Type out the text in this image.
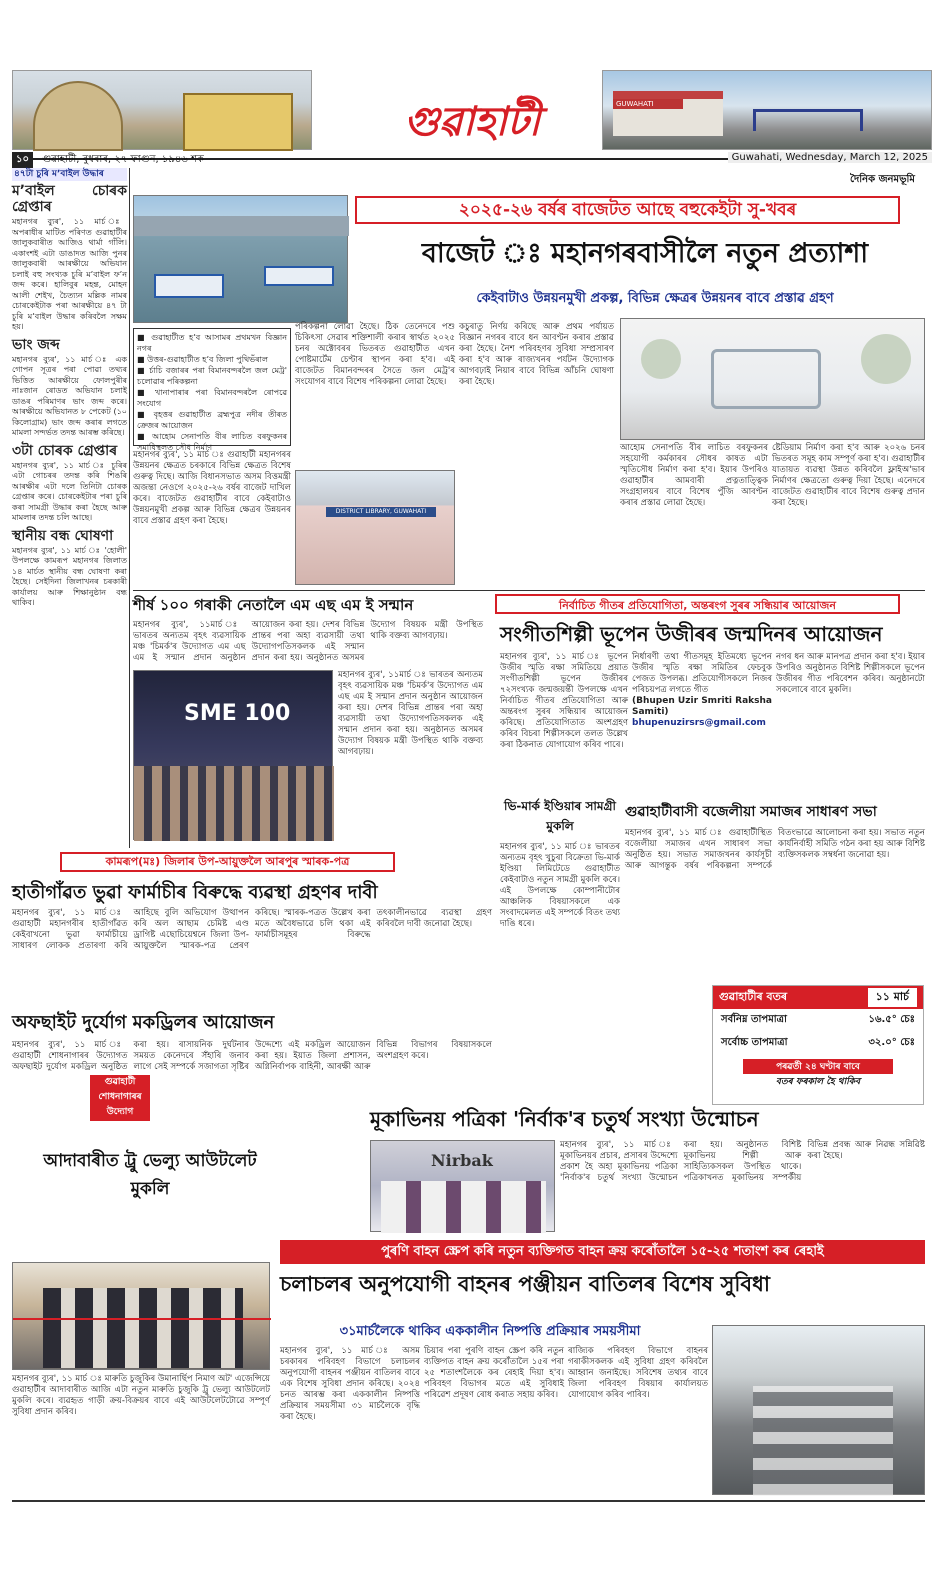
গুৱাহাটী	GUWAHATI
১০ গুৱাহাটী, বুধবাৰ, ২৭ ফাগুন, ১৯৪৬ শক	Guwahati, Wednesday, March 12, 2025
দৈনিক জনমভূমি
৪৭টা চুৰি মʼবাইল উদ্ধাৰ
মʼবাইল চোৰক গ্ৰেপ্তাৰ

মহানগৰ ব্যুৰ', ১১ মাৰ্চ ঃ অপৰাধীৰ মাটিত পৰিণত গুৱাহাটীৰ জালুকবাৰীত আজিও থাৰ্মা গাঁলি। একাংশই এটা ডাঙাদত আজি পুনৰ জালুকবাৰী আৰক্ষীয়ে অভিযান চলাই বহু সংখ্যক চুৰি মʼবাইল ফʼন জব্দ কৰে। হালিবুৰ মহন্ত, মোহন আলী শেইখ, চৈত্য্যন মল্লিক নামৰ চোৰকেইটাক পৰা আৰক্ষীয়ে ৪৭ টা চুৰি মʼবাইল উদ্ধাৰ কৰিবলৈ সক্ষম হয়।

ভাং জব্দ

মহানগৰ ব্যুৰ', ১১ মাৰ্চ ঃ এক গোপন সূত্ৰৰ পৰা পোৱা তথ্যৰ ভিত্তিত আৰক্ষীয়ে ফোলপুৰীৰ নাঃজান ৰোডত অভিযান চলাই ডাঙৰ পৰিমাণৰ ভাং জব্দ কৰে। আৰক্ষীয়ে অভিযানত ৮ পেকেট (১০ কিলোগ্ৰাম) ভাং জব্দ কৰাৰ লগতে মামলা সন্দৰ্ভত তদন্ত আৰম্ভ কৰিছে।

৩টা চোৰক গ্ৰেপ্তাৰ

মহানগৰ ব্যুৰ', ১১ মাৰ্চ ঃ চুৰিৰ এটা গোচৰৰ তদন্ত কৰি শিঙৰি আৰক্ষীৰ এটা দলে তিনিটা চোৰক গ্ৰেপ্তাৰ কৰে। চোৰকেইটাৰ পৰা চুৰি কৰা সামগ্ৰী উদ্ধাৰ কৰা হৈছে আৰু মামলাৰ তদন্ত চলি আছে।

স্থানীয় বন্ধ ঘোষণা

মহানগৰ ব্যুৰ', ১১ মাৰ্চ ঃ 'হোলী' উপলক্ষে কামৰূপ মহানগৰ জিলাত ১৪ মাৰ্চত স্থানীয় বন্ধ ঘোষণা কৰা হৈছে। সেইদিনা জিলাখনৰ চৰকাৰী কাৰ্যালয় আৰু শিক্ষানুষ্ঠান বন্ধ থাকিব।

২০২৫-২৬ বৰ্ষৰ বাজেটত আছে বহুকেইটা সু-খবৰ
বাজেট ঃ মহানগৰবাসীলৈ নতুন প্ৰত্যাশা
কেইবাটাও উন্নয়নমুখী প্ৰকল্প, বিভিন্ন ক্ষেত্ৰৰ উন্নয়নৰ বাবে প্ৰস্তাৱ গ্ৰহণ
■ গুৱাহাটীত হʼব আসামৰ প্ৰথমখন বিজ্ঞান নগৰ
■ উত্তৰ-গুৱাহাটীত হʼব জিলা পুথিভঁৰাল
■ ৰ্চাচি বজাৰৰ পৰা বিমানবন্দৰলৈ জল মেট্ৰ' চলোৱাৰ পৰিকল্পনা
■ খানাপাৰাৰ পৰা বিমানবন্দৰলৈ ৰোপৱে সংযোগ
■ বৃহত্তৰ গুৱাহাটীত ব্ৰহ্মপুত্ৰ নদীৰ তীৰত ক্ৰেজৰ আয়োজন
■ আহোম সেনাপতি বীৰ লাচিত বৰফুকনৰ সমাধিস্থলত সৌধ নিৰ্মাণ
মহানগৰ ব্যুৰ', ১১ মাৰ্চ ঃ গুৱাহাটী মহানগৰৰ উন্নয়নৰ ক্ষেত্ৰত চৰকাৰে বিভিন্ন ক্ষেত্ৰত বিশেষ গুৰুত্ব দিছে। আজি বিধানসভাত অসম বিত্তমন্ত্ৰী অজন্তা নেওগে ২০২৫-২৬ বৰ্ষৰ বাজেট দাখিল কৰে। বাজেটত গুৱাহাটীৰ বাবে কেইবাটাও উন্নয়নমুখী প্ৰকল্প আৰু বিভিন্ন ক্ষেত্ৰৰ উন্নয়নৰ বাবে প্ৰস্তাৱ গ্ৰহণ কৰা হৈছে।
পৰিকল্পনা লোৱা হৈছে। ঠিক তেনেদৰে পশু চিকিৎসা সেৱাৰ শক্তিশালী কৰাৰ স্বাৰ্থত ২০২৫ চনৰ অক্টোবৰৰ ভিতৰত গুৱাহাটীত এখন পোষ্টমাৰ্টেম চেণ্টাৰ স্থাপন কৰা হ'ব। এই বাজেটত বিমানবন্দৰৰ সৈতে জল মেট্ৰ'ৰ সংযোগৰ বাবে বিশেষ পৰিকল্পনা লোৱা হৈছে।
কচুৰাতু নিৰ্ণয় কৰিছে আৰু প্ৰথম পৰ্যায়ত বিজ্ঞান নগৰৰ বাবে ধন আবণ্টন কৰাৰ প্ৰস্তাৱ কৰা হৈছে। নৈশ পৰিবহণৰ সুবিধা সম্প্ৰসাৰণ কৰা হ'ব আৰু ৰাজ্যখনৰ পৰ্যটন উদ্যোগক আগবঢ়াই নিয়াৰ বাবে বিভিন্ন আঁচনি ঘোষণা কৰা হৈছে।
DISTRICT LIBRARY, GUWAHATI
আহোম সেনাপতি বীৰ লাচিত বৰফুকনৰ সহযোগী কৰ্মকাৰৰ সৌধৰ কাষত এটা স্মৃতিসৌধ নিৰ্মাণ কৰা হ'ব। ইয়াৰ উপৰিও গুৱাহাটীৰ আমবাৰী প্ৰত্নতাত্ত্বিক সংগ্ৰহালয়ৰ বাবে বিশেষ পুঁজি আবণ্টন কৰাৰ প্ৰস্তাৱ লোৱা হৈছে।
ষ্টেডিয়াম নিৰ্মাণ কৰা হ'ব আৰু ২০২৬ চনৰ ভিতৰত সমূহ কাম সম্পূৰ্ণ কৰা হ'ব। গুৱাহাটীৰ যাতায়ত ব্যৱস্থা উন্নত কৰিবলৈ ফ্লাইঅ'ভাৰ নিৰ্মাণৰ ক্ষেত্ৰতো গুৰুত্ব দিয়া হৈছে। এনেদৰে বাজেটত গুৱাহাটীৰ বাবে বিশেষ গুৰুত্ব প্ৰদান কৰা হৈছে।
শীৰ্ষ ১০০ গৰাকী নেতালৈ এম এছ এম ই সন্মান
মহানগৰ ব্যুৰ', ১১মাৰ্চ ঃ ভাৰতৰ অন্যতম বৃহৎ ব্যৱসায়িক মঞ্চ 'চিমৰ্ক'ৰ উদ্যোগত এম এছ এম ই সন্মান প্ৰদান অনুষ্ঠান আয়োজন কৰা হয়। দেশৰ বিভিন্ন প্ৰান্তৰ পৰা অহা ব্যৱসায়ী তথা উদ্যোগপতিসকলক এই সন্মান প্ৰদান কৰা হয়। অনুষ্ঠানত অসমৰ উদ্যোগ বিষয়ক মন্ত্ৰী উপস্থিত থাকি বক্তব্য আগবঢ়ায়।
SME 100
মহানগৰ ব্যুৰ', ১১মাৰ্চ ঃ ভাৰতৰ অন্যতম বৃহৎ ব্যৱসায়িক মঞ্চ 'চিমৰ্ক'ৰ উদ্যোগত এম এছ এম ই সন্মান প্ৰদান অনুষ্ঠান আয়োজন কৰা হয়। দেশৰ বিভিন্ন প্ৰান্তৰ পৰা অহা ব্যৱসায়ী তথা উদ্যোগপতিসকলক এই সন্মান প্ৰদান কৰা হয়। অনুষ্ঠানত অসমৰ উদ্যোগ বিষয়ক মন্ত্ৰী উপস্থিত থাকি বক্তব্য আগবঢ়ায়।
নিৰ্বাচিত গীতৰ প্ৰতিযোগিতা, অন্তৰংগ সুৰৰ সন্ধিয়াৰ আয়োজন
সংগীতশিল্পী ভূপেন উজীৰৰ জন্মদিনৰ আয়োজন
মহানগৰ ব্যুৰ', ১১ মাৰ্চ ঃ ভূপেন উজীৰ স্মৃতি ৰক্ষা সমিতিয়ে প্ৰয়াত সংগীতশিল্পী ভূপেন উজীৰৰ ৭২সংখ্যক জন্মজয়ন্তী উপলক্ষে এখন নিৰ্বাচিত গীতৰ প্ৰতিযোগিতা আৰু অন্তৰংগ সুৰৰ সন্ধিয়াৰ আয়োজন কৰিছে। প্ৰতিযোগিতাত অংশগ্ৰহণ কৰিব বিচৰা শিল্পীসকলে তলত উল্লেখ কৰা ঠিকনাত যোগাযোগ কৰিব পাৰে।
নিৰ্ধাৰণী তথা গীতসমূহ ইতিমধ্যে ভূপেন উজীৰ স্মৃতি ৰক্ষা সমিতিৰ ফেচবুক পেজত উপলব্ধ। প্ৰতিযোগীসকলে নিজৰ পৰিচয়পত্ৰ লগতে গীত
(Bhupen Uzir Smriti Raksha Samiti)
bhupenuzirsrs@gmail.com
নগৰ ধন আৰু মানপত্ৰ প্ৰদান কৰা হ'ব। ইয়াৰ উপৰিও অনুষ্ঠানত বিশিষ্ট শিল্পীসকলে ভূপেন উজীৰৰ গীত পৰিবেশন কৰিব। অনুষ্ঠানটো সকলোৰে বাবে মুকলি।
ভি-মাৰ্ক ইণ্ডিয়াৰ সামগ্ৰী মুকলি
মহানগৰ ব্যুৰ', ১১ মাৰ্চ ঃ ভাৰতৰ অন্যতম বৃহৎ খুচুৰা বিক্ৰেতা ভি-মাৰ্ক ইণ্ডিয়া লিমিটেডে গুৱাহাটীত কেইবাটাও নতুন সামগ্ৰী মুকলি কৰে। এই উপলক্ষে কোম্পানীটোৰ আঞ্চলিক বিষয়াসকলে এক সংবাদমেলত এই সম্পৰ্কে বিতং তথ্য দাঙি ধৰে।
গুৱাহাটীবাসী বজেলীয়া সমাজৰ সাধাৰণ সভা
মহানগৰ ব্যুৰ', ১১ মাৰ্চ ঃ গুৱাহাটীস্থিত বজেলীয়া সমাজৰ এখন সাধাৰণ সভা অনুষ্ঠিত হয়। সভাত সমাজখনৰ কাৰ্যসূচী আৰু আগন্তুক বৰ্ষৰ পৰিকল্পনা সম্পৰ্কে বিতংভাৱে আলোচনা কৰা হয়। সভাত নতুন কাৰ্যনিৰ্বাহী সমিতি গঠন কৰা হয় আৰু বিশিষ্ট ব্যক্তিসকলক সম্বৰ্ধনা জনোৱা হয়।
গুৱাহাটীৰ বতৰ	১১ মাৰ্চ
সৰ্বনিম্ন তাপমাত্ৰা	১৬.৫° চেঃ
সৰ্বোচ্চ তাপমাত্ৰা	৩২.০° চেঃ
পৰৱৰ্তী ২৪ ঘণ্টাৰ বাবে
বতৰ ফৰকাল হৈ থাকিব
কামৰূপ(মঃ) জিলাৰ উপ-আয়ুক্তলৈ আৰপুৰ স্মাৰক-পত্ৰ
হাতীগাঁৱত ভুৱা ফাৰ্মাচীৰ বিৰুদ্ধে ব্যৱস্থা গ্ৰহণৰ দাবী
মহানগৰ ব্যুৰ', ১১ মাৰ্চ ঃ গুৱাহাটী মহানগৰীৰ হাতীগাঁৱত কেইবাখনো ভুৱা ফাৰ্মাচীয়ে সাধাৰণ লোকক প্ৰতাৰণা কৰি আহিছে বুলি অভিযোগ উত্থাপন কৰি অল আছাম চেমিষ্ট এণ্ড ড্ৰাগিষ্ট এছোচিয়েশ্বনে জিলা উপ-আয়ুক্তলৈ স্মাৰক-পত্ৰ প্ৰেৰণ কৰিছে। স্মাৰক-পত্ৰত উল্লেখ কৰা মতে অবৈধভাৱে চলি থকা এই ফাৰ্মাচীসমূহৰ বিৰুদ্ধে তৎকালীনভাৱে ব্যৱস্থা গ্ৰহণ কৰিবলৈ দাবী জনোৱা হৈছে।
অফছাইট দুৰ্যোগ মকড্ৰিলৰ আয়োজন
গুৱাহাটী শোধনাগাৰৰ উদ্যোগ
মহানগৰ ব্যুৰ', ১১ মাৰ্চ ঃ গুৱাহাটী শোধনাগাৰৰ উদ্যোগত অফছাইট দুৰ্যোগ মকড্ৰিল অনুষ্ঠিত কৰা হয়। ৰাসায়নিক দুৰ্ঘটনাৰ সময়ত কেনেদৰে সঁহাৰি জনাব লাগে সেই সম্পৰ্কে সজাগতা সৃষ্টিৰ উদ্দেশ্যে এই মকড্ৰিল আয়োজন কৰা হয়। ইয়াত জিলা প্ৰশাসন, অগ্নিনিৰ্বাপক বাহিনী, আৰক্ষী আৰু বিভিন্ন বিভাগৰ বিষয়াসকলে অংশগ্ৰহণ কৰে।
আদাবাৰীত ট্ৰু ভেল্যু আউটলেট মুকলি
মহানগৰ ব্যুৰ', ১১ মাৰ্চ ঃ মাৰুতি চুজুকিৰ উমানাৰ্ছিপ নিমাণ অট' এজেন্সিয়ে গুৱাহাটীৰ আদাবাৰীত আজি এটা নতুন মাৰুতি চুজুকি ট্ৰু ভেল্যু আউটলেট মুকলি কৰে। ব্যৱহৃত গাড়ী ক্ৰয়-বিক্ৰয়ৰ বাবে এই আউটলেটটোৱে সম্পূৰ্ণ সুবিধা প্ৰদান কৰিব।
মূকাভিনয় পত্ৰিকা 'নিৰ্বাক'ৰ চতুৰ্থ সংখ্যা উন্মোচন
Nirbak
মহানগৰ ব্যুৰ', ১১ মাৰ্চ ঃ মূকাভিনয়ৰ প্ৰচাৰ, প্ৰসাৰৰ উদ্দেশ্যে প্ৰকাশ হৈ অহা মূকাভিনয় পত্ৰিকা 'নিৰ্বাক'ৰ চতুৰ্থ সংখ্যা উন্মোচন কৰা হয়। অনুষ্ঠানত বিশিষ্ট মূকাভিনয় শিল্পী আৰু সাহিত্যিকসকল উপস্থিত থাকে। পত্ৰিকাখনত মূকাভিনয় সম্পৰ্কীয় বিভিন্ন প্ৰবন্ধ আৰু নিৱন্ধ সন্নিৱিষ্ট কৰা হৈছে।
পুৰণি বাহন স্ক্ৰেপ কৰি নতুন ব্যক্তিগত বাহন ক্ৰয় কৰোঁতালৈ ১৫-২৫ শতাংশ কৰ ৰেহাই
চলাচলৰ অনুপযোগী বাহনৰ পঞ্জীয়ন বাতিলৰ বিশেষ সুবিধা
৩১মাৰ্চলৈকে থাকিব এককালীন নিষ্পত্তি প্ৰক্ৰিয়াৰ সময়সীমা
মহানগৰ ব্যুৰ', ১১ মাৰ্চ ঃ অসম চৰকাৰৰ পৰিবহণ বিভাগে চলাচলৰ অনুপযোগী বাহনৰ পঞ্জীয়ন বাতিলৰ বাবে এক বিশেষ সুবিধা প্ৰদান কৰিছে। ২০২৪ চনত আৰম্ভ কৰা এককালীন নিষ্পত্তি প্ৰক্ৰিয়াৰ সময়সীমা ৩১ মাৰ্চলৈকে বৃদ্ধি কৰা হৈছে।
চিয়াৰ পৰা পুৰণি বাহন স্ক্ৰেপ কৰি নতুন ব্যক্তিগত বাহন ক্ৰয় কৰোঁতালৈ ১৫ৰ পৰা ২৫ শতাংশলৈকে কৰ ৰেহাই দিয়া হ'ব। পৰিবহণ বিভাগৰ মতে এই সুবিধাই পৰিৱেশ প্ৰদূষণ ৰোধ কৰাত সহায় কৰিব।
ৰাজ্যিক পৰিবহণ বিভাগে বাহনৰ গৰাকীসকলক এই সুবিধা গ্ৰহণ কৰিবলৈ আহ্বান জনাইছে। সবিশেষ তথ্যৰ বাবে জিলা পৰিবহণ বিষয়াৰ কাৰ্যালয়ত যোগাযোগ কৰিব পাৰিব।
